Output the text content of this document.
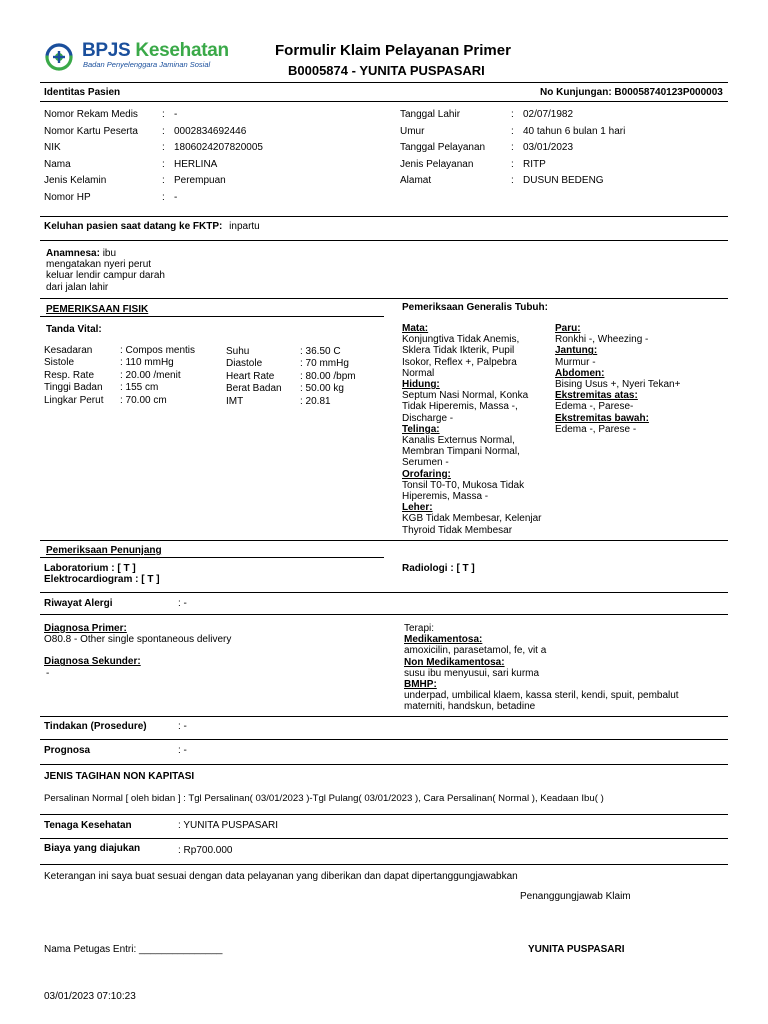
BPJS Kesehatan
Badan Penyelenggara Jaminan Sosial
Formulir Klaim Pelayanan Primer
B0005874 - YUNITA PUSPASARI
Identitas Pasien	No Kunjungan: B00058740123P000003
Nomor Rekam Medis	: -
Nomor Kartu Peserta	: 0002834692446
NIK	: 1806024207820005
Nama	: HERLINA
Jenis Kelamin	: Perempuan
Nomor HP	: -
Tanggal Lahir	: 02/07/1982
Umur	: 40 tahun 6 bulan 1 hari
Tanggal Pelayanan	: 03/01/2023
Jenis Pelayanan	: RITP
Alamat	: DUSUN BEDENG
Keluhan pasien saat datang ke FKTP: inpartu
Anamnesa: ibu
mengatakan nyeri perut
keluar lendir campur darah
dari jalan lahir
PEMERIKSAAN FISIK	Pemeriksaan Generalis Tubuh:
Tanda Vital:
Kesadaran	: Compos mentis
Sistole	: 110 mmHg
Resp. Rate	: 20.00 /menit
Tinggi Badan	: 155 cm
Lingkar Perut	: 70.00 cm
Suhu	: 36.50 C
Diastole	: 70 mmHg
Heart Rate	: 80.00 /bpm
Berat Badan	: 50.00 kg
IMT	: 20.81
Mata:
Konjungtiva Tidak Anemis,
Sklera Tidak Ikterik, Pupil
Isokor, Reflex +, Palpebra
Normal
Hidung:
Septum Nasi Normal, Konka
Tidak Hiperemis, Massa -,
Discharge -
Telinga:
Kanalis Externus Normal,
Membran Timpani Normal,
Serumen -
Orofaring:
Tonsil T0-T0, Mukosa Tidak
Hiperemis, Massa -
Leher:
KGB Tidak Membesar, Kelenjar
Thyroid Tidak Membesar
Paru:
Ronkhi -, Wheezing -
Jantung:
Murmur -
Abdomen:
Bising Usus +, Nyeri Tekan+
Ekstremitas atas:
Edema -, Parese-
Ekstremitas bawah:
Edema -, Parese -
Pemeriksaan Penunjang
Laboratorium : [ T ]
Elektrocardiogram : [ T ]
Radiologi : [ T ]
Riwayat Alergi	: -
Diagnosa Primer:
O80.8 - Other single spontaneous delivery
Diagnosa Sekunder:
-
Terapi:
Medikamentosa:
amoxicilin, parasetamol, fe, vit a
Non Medikamentosa:
susu ibu menyusui, sari kurma
BMHP:
underpad, umbilical klaem, kassa steril, kendi, spuit, pembalut
materniti, handskun, betadine
Tindakan (Prosedure)	: -
Prognosa	: -
JENIS TAGIHAN NON KAPITASI
Persalinan Normal [ oleh bidan ] : Tgl Persalinan( 03/01/2023 )-Tgl Pulang( 03/01/2023 ), Cara Persalinan( Normal ), Keadaan Ibu( )
Tenaga Kesehatan	: YUNITA PUSPASARI
Biaya yang diajukan	: Rp700.000
Keterangan ini saya buat sesuai dengan data pelayanan yang diberikan dan dapat dipertanggungjawabkan
Penanggungjawab Klaim
Nama Petugas Entri: _______________	YUNITA PUSPASARI
03/01/2023 07:10:23
